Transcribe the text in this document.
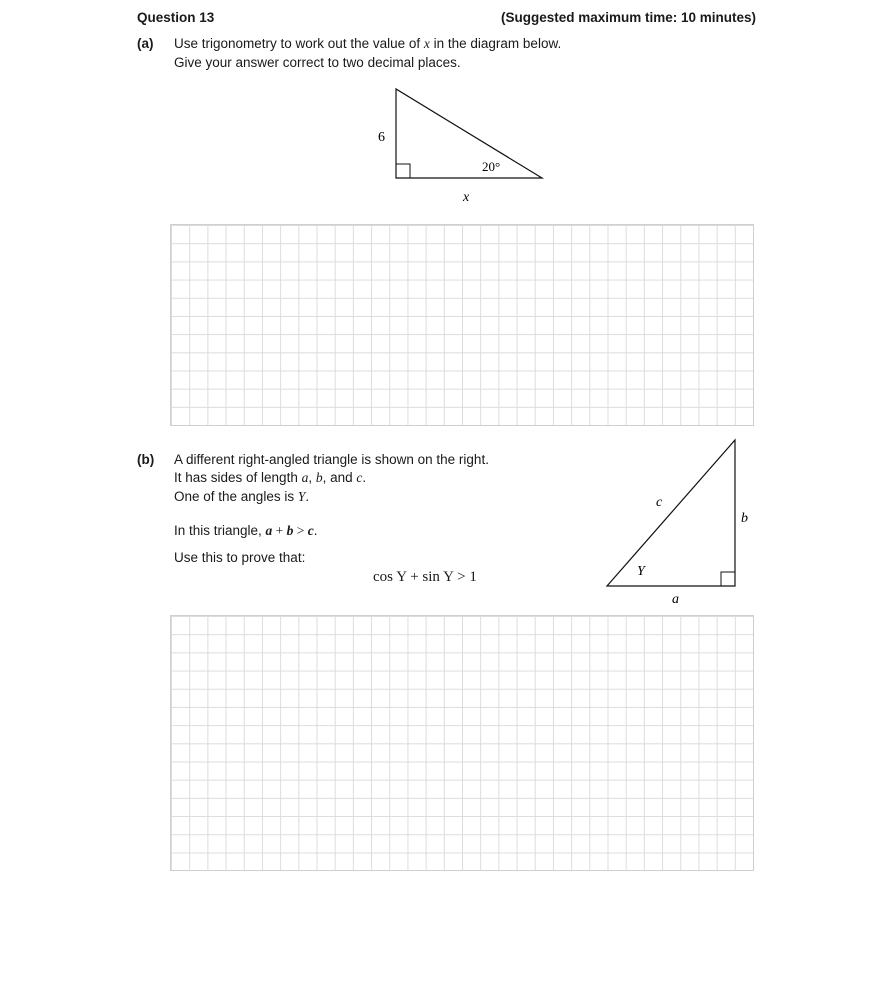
Question 13	(Suggested maximum time: 10 minutes)
(a) Use trigonometry to work out the value of x in the diagram below.
Give your answer correct to two decimal places.
6
20°
x
(b) A different right-angled triangle is shown on the right.
It has sides of length a, b, and c.
One of the angles is Y.
In this triangle, a + b > c.
Use this to prove that:
cos Y + sin Y > 1
c
b
Y
a
